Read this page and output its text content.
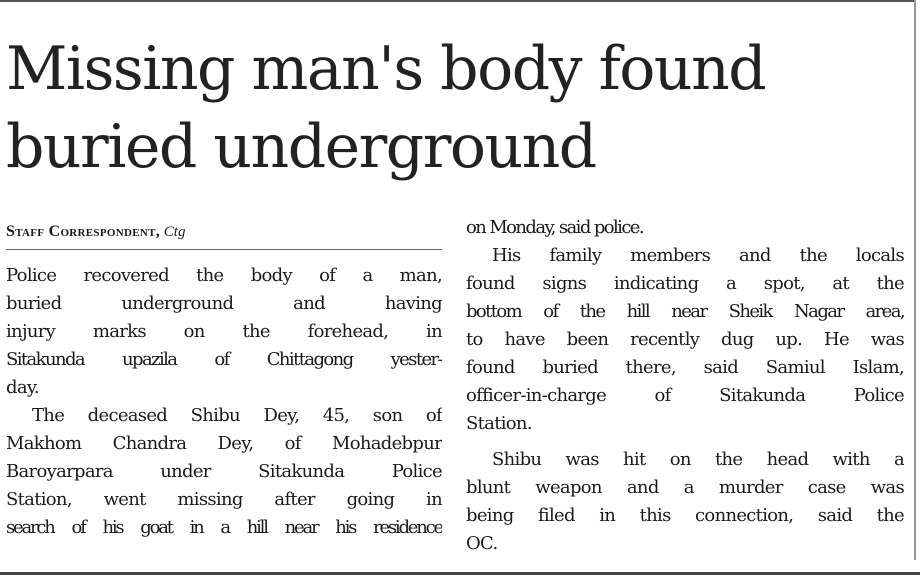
Missing man's body found
buried underground
Staff Correspondent, Ctg
Police recovered the body of a man,
buried underground and having
injury marks on the forehead, in
Sitakunda upazila of Chittagong yester-
day.
The deceased Shibu Dey, 45, son of
Makhom Chandra Dey, of Mohadebpur
Baroyarpara under Sitakunda Police
Station, went missing after going in
search of his goat in a hill near his residence
on Monday, said police.
His family members and the locals
found signs indicating a spot, at the
bottom of the hill near Sheik Nagar area,
to have been recently dug up. He was
found buried there, said Samiul Islam,
officer-in-charge of Sitakunda Police
Station.
Shibu was hit on the head with a
blunt weapon and a murder case was
being filed in this connection, said the
OC.
